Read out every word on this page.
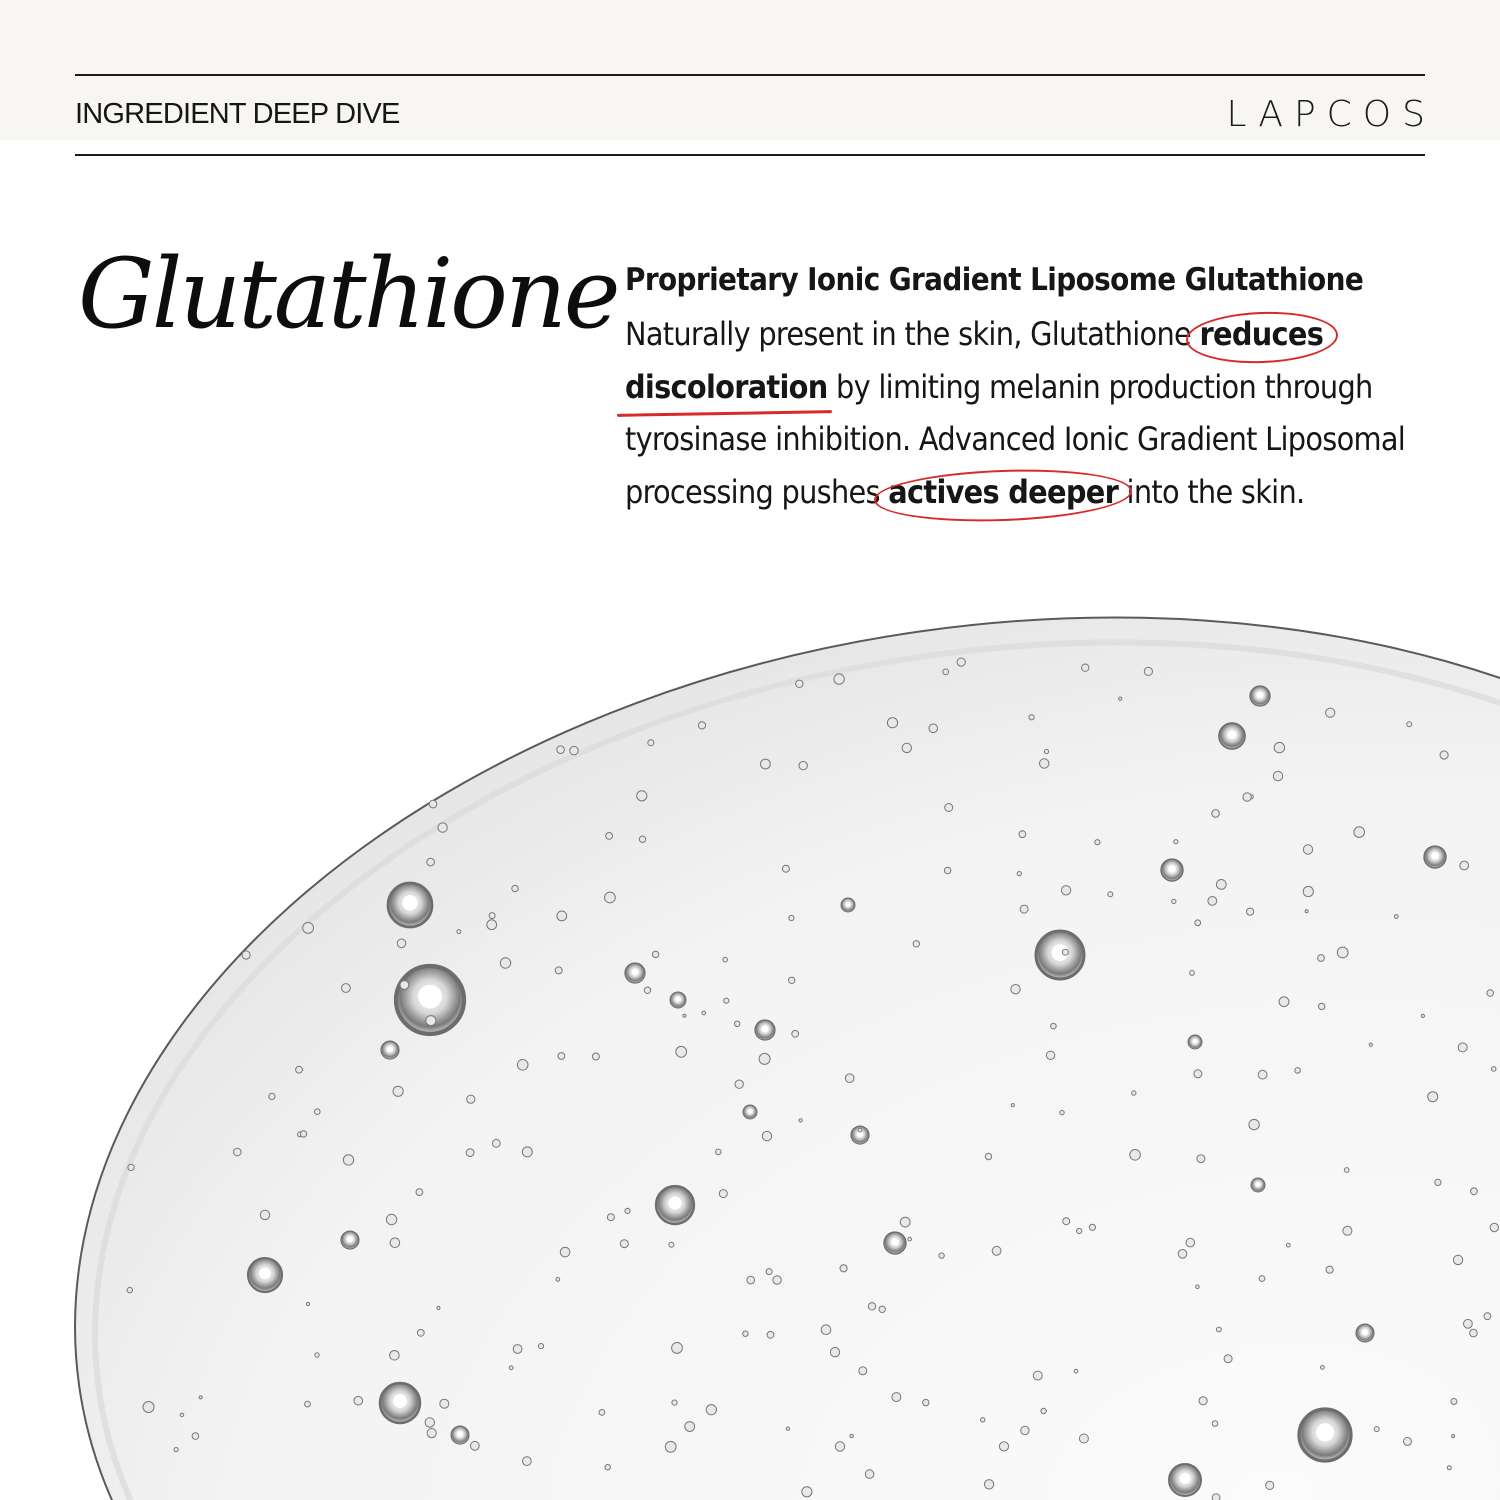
INGREDIENT DEEP DIVE	LAPCOS
Glutathione Proprietary Ionic Gradient Liposome Glutathione
Naturally present in the skin, Glutathione reduces
discoloration by limiting melanin production through tyrosinase inhibition. Advanced Ionic Gradient Liposomal processing pushes actives deeper into the skin.
